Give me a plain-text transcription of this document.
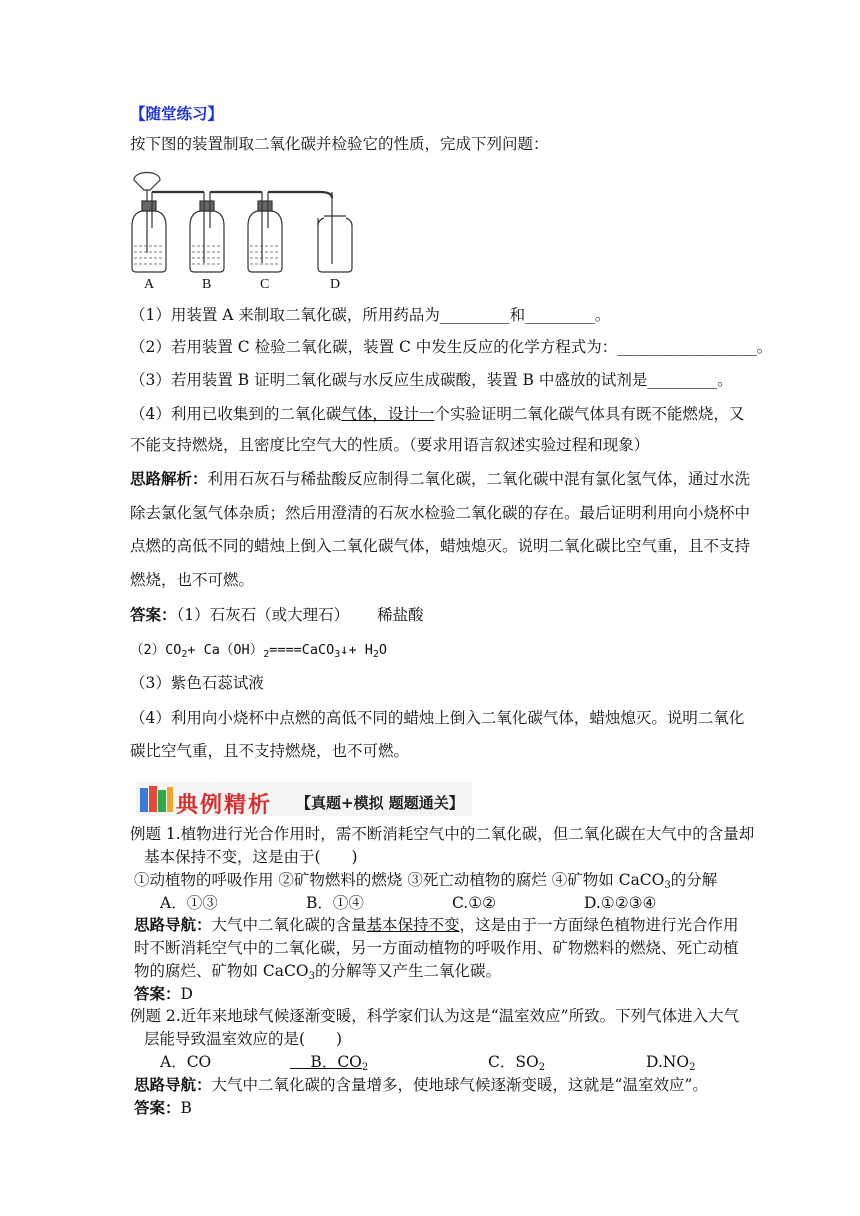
【随堂练习】
按下图的装置制取二氧化碳并检验它的性质，完成下列问题：
A	B	C	D
（1）用装置 A 来制取二氧化碳，所用药品为_________和_________。
（2）若用装置 C 检验二氧化碳，装置 C 中发生反应的化学方程式为：__________________。
（3）若用装置 B 证明二氧化碳与水反应生成碳酸，装置 B 中盛放的试剂是_________。
（4）利用已收集到的二氧化碳气体，设计一个实验证明二氧化碳气体具有既不能燃烧，又
不能支持燃烧，且密度比空气大的性质。（要求用语言叙述实验过程和现象）
思路解析：利用石灰石与稀盐酸反应制得二氧化碳，二氧化碳中混有氯化氢气体，通过水洗
除去氯化氢气体杂质；然后用澄清的石灰水检验二氧化碳的存在。最后证明利用向小烧杯中
点燃的高低不同的蜡烛上倒入二氧化碳气体，蜡烛熄灭。说明二氧化碳比空气重，且不支持
燃烧，也不可燃。
答案：（1）石灰石（或大理石） 稀盐酸
$(2)CO_2+$ $Ca(OH)_2====CaCO_3↓+ H_2O$
（3）紫色石蕊试液
（4）利用向小烧杯中点燃的高低不同的蜡烛上倒入二氧化碳气体，蜡烛熄灭。说明二氧化
碳比空气重，且不支持燃烧，也不可燃。
典例精析 【真题+模拟 题题通关】
例题 1.植物进行光合作用时，需不断消耗空气中的二氧化碳，但二氧化碳在大气中的含量却
基本保持不变，这是由于(　　)
①动植物的呼吸作用 ②矿物燃料的燃烧 ③死亡动植物的腐烂 ④矿物如 CaCO$_3$的分解
A．①③	B．①④	C.①②	D.①②③④
思路导航：大气中二氧化碳的含量基本保持不变，这是由于一方面绿色植物进行光合作用
时不断消耗空气中的二氧化碳，另一方面动植物的呼吸作用、矿物燃料的燃烧、死亡动植
物的腐烂、矿物如 CaCO$_3$的分解等又产生二氧化碳。
答案：D
例题 2.近年来地球气候逐渐变暖，科学家们认为这是“温室效应”所致。下列气体进入大气
层能导致温室效应的是(　　)
A．CO	　 B．$CO_2$	C．$SO_2$	$D.NO_2$
思路导航：大气中二氧化碳的含量增多，使地球气候逐渐变暖，这就是“温室效应”。
答案：B
